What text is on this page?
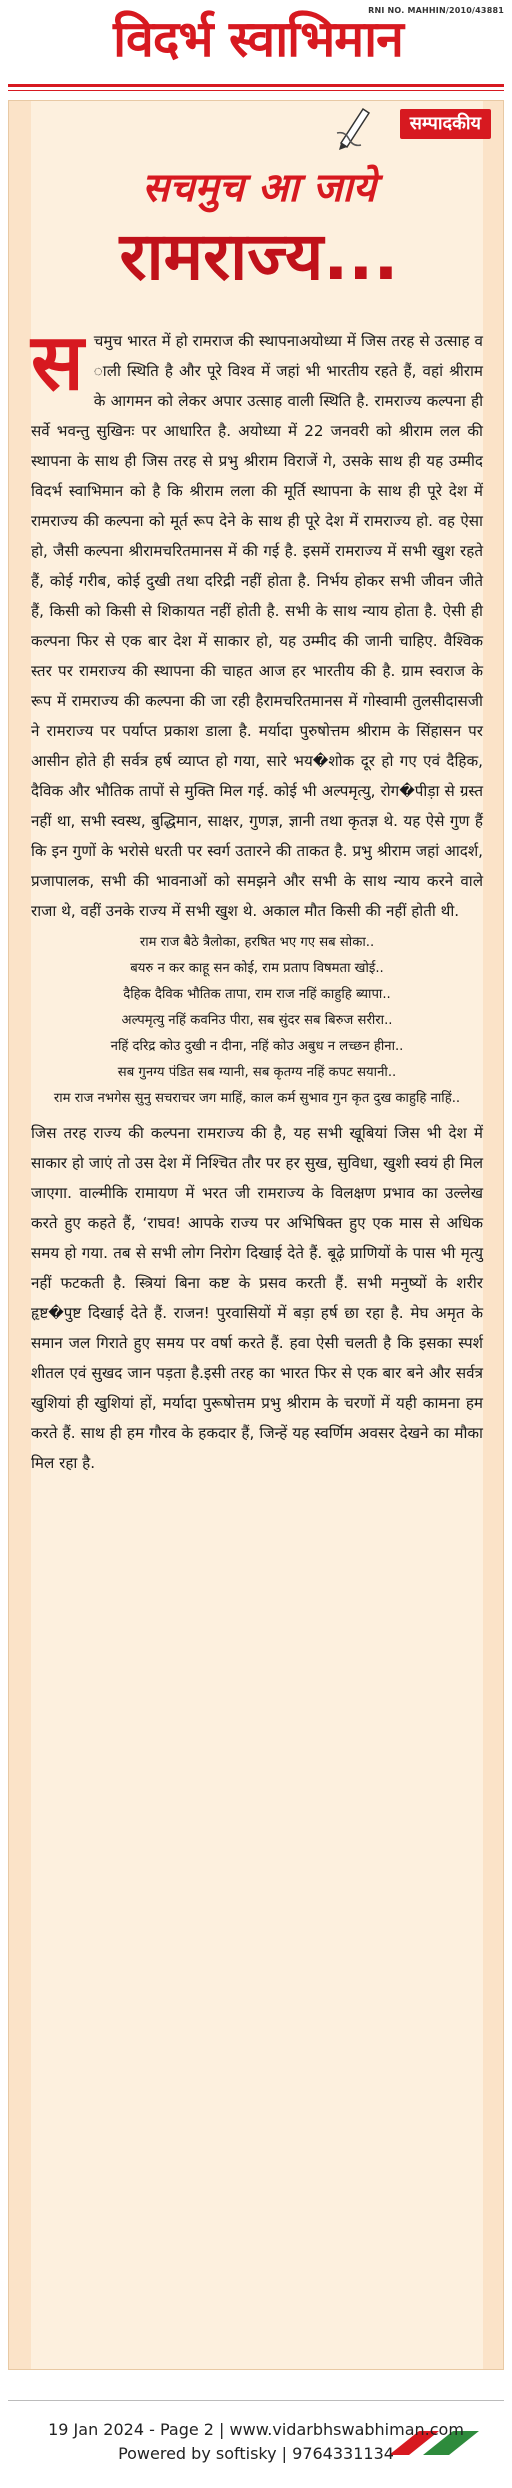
विदर्भ स्वाभिमान
RNI NO. MAHHIN/2010/43881
सम्पादकीय
सचमुच आ जाये
रामराज्य...
स चमुच भारत में हो रामराज की स्थापनाअयोध्या में जिस तरह से उत्साह व ाली स्थिति है और पूरे विश्व में जहां भी भारतीय रहते हैं, वहां श्रीराम के आगमन को लेकर अपार उत्साह वाली स्थिति है. रामराज्य कल्पना ही सर्वे भवन्तु सुखिनः पर आधारित है. अयोध्या में 22 जनवरी को श्रीराम लल की स्थापना के साथ ही जिस तरह से प्रभु श्रीराम विराजें गे, उसके साथ ही यह उम्मीद विदर्भ स्वाभिमान को है कि श्रीराम लला की मूर्ति स्थापना के साथ ही पूरे देश में रामराज्य की कल्पना को मूर्त रूप देने के साथ ही पूरे देश में रामराज्य हो. वह ऐसा हो, जैसी कल्पना श्रीरामचरितमानस में की गई है. इसमें रामराज्य में सभी खुश रहते हैं, कोई गरीब, कोई दुखी तथा दरिद्री नहीं होता है. निर्भय होकर सभी जीवन जीते हैं, किसी को किसी से शिकायत नहीं होती है. सभी के साथ न्याय होता है. ऐसी ही कल्पना फिर से एक बार देश में साकार हो, यह उम्मीद की जानी चाहिए. वैश्विक स्तर पर रामराज्य की स्थापना की चाहत आज हर भारतीय की है. ग्राम स्वराज के रूप में रामराज्य की कल्पना की जा रही हैरामचरितमानस में गोस्वामी तुलसीदासजी ने रामराज्य पर पर्याप्त प्रकाश डाला है. मर्यादा पुरुषोत्तम श्रीराम के सिंहासन पर आसीन होते ही सर्वत्र हर्ष व्याप्त हो गया, सारे भय�शोक दूर हो गए एवं दैहिक, दैविक और भौतिक तापों से मुक्ति मिल गई. कोई भी अल्पमृत्यु, रोग�पीड़ा से ग्रस्त नहीं था, सभी स्वस्थ, बुद्धिमान, साक्षर, गुणज्ञ, ज्ञानी तथा कृतज्ञ थे. यह ऐसे गुण हैं कि इन गुणों के भरोसे धरती पर स्वर्ग उतारने की ताकत है. प्रभु श्रीराम जहां आदर्श, प्रजापालक, सभी की भावनाओं को समझने और सभी के साथ न्याय करने वाले राजा थे, वहीं उनके राज्य में सभी खुश थे. अकाल मौत किसी की नहीं होती थी.

राम राज बैठे त्रैलोका, हरषित भए गए सब सोका..
बयरु न कर काहू सन कोई, राम प्रताप विषमता खोई..
दैहिक दैविक भौतिक तापा, राम राज नहिं काहुहि ब्यापा..
अल्पमृत्यु नहिं कवनिउ पीरा, सब सुंदर सब बिरुज सरीरा..
नहिं दरिद्र कोउ दुखी न दीना, नहिं कोउ अबुध न लच्छन हीना..
सब गुनग्य पंडित सब ग्यानी, सब कृतग्य नहिं कपट सयानी..
राम राज नभगेस सुनु सचराचर जग माहिं, काल कर्म सुभाव गुन कृत दुख काहुहि नाहिं..

जिस तरह राज्य की कल्पना रामराज्य की है, यह सभी खूबियां जिस भी देश में साकार हो जाएं तो उस देश में निश्चित तौर पर हर सुख, सुविधा, खुशी स्वयं ही मिल जाएगा. वाल्मीकि रामायण में भरत जी रामराज्य के विलक्षण प्रभाव का उल्लेख करते हुए कहते हैं, ‘राघव! आपके राज्य पर अभिषिक्त हुए एक मास से अधिक समय हो गया. तब से सभी लोग निरोग दिखाई देते हैं. बूढ़े प्राणियों के पास भी मृत्यु नहीं फटकती है. स्त्रियां बिना कष्ट के प्रसव करती हैं. सभी मनुष्यों के शरीर हृष्ट�पुष्ट दिखाई देते हैं. राजन! पुरवासियों में बड़ा हर्ष छा रहा है. मेघ अमृत के समान जल गिराते हुए समय पर वर्षा करते हैं. हवा ऐसी चलती है कि इसका स्पर्श शीतल एवं सुखद जान पड़ता है.इसी तरह का भारत फिर से एक बार बने और सर्वत्र खुशियां ही खुशियां हों, मर्यादा पुरूषोत्तम प्रभु श्रीराम के चरणों में यही कामना हम करते हैं. साथ ही हम गौरव के हकदार हैं, जिन्हें यह स्वर्णिम अवसर देखने का मौका मिल रहा है.

19 Jan 2024 - Page 2 | www.vidarbhswabhiman.com
Powered by softisky | 9764331134
